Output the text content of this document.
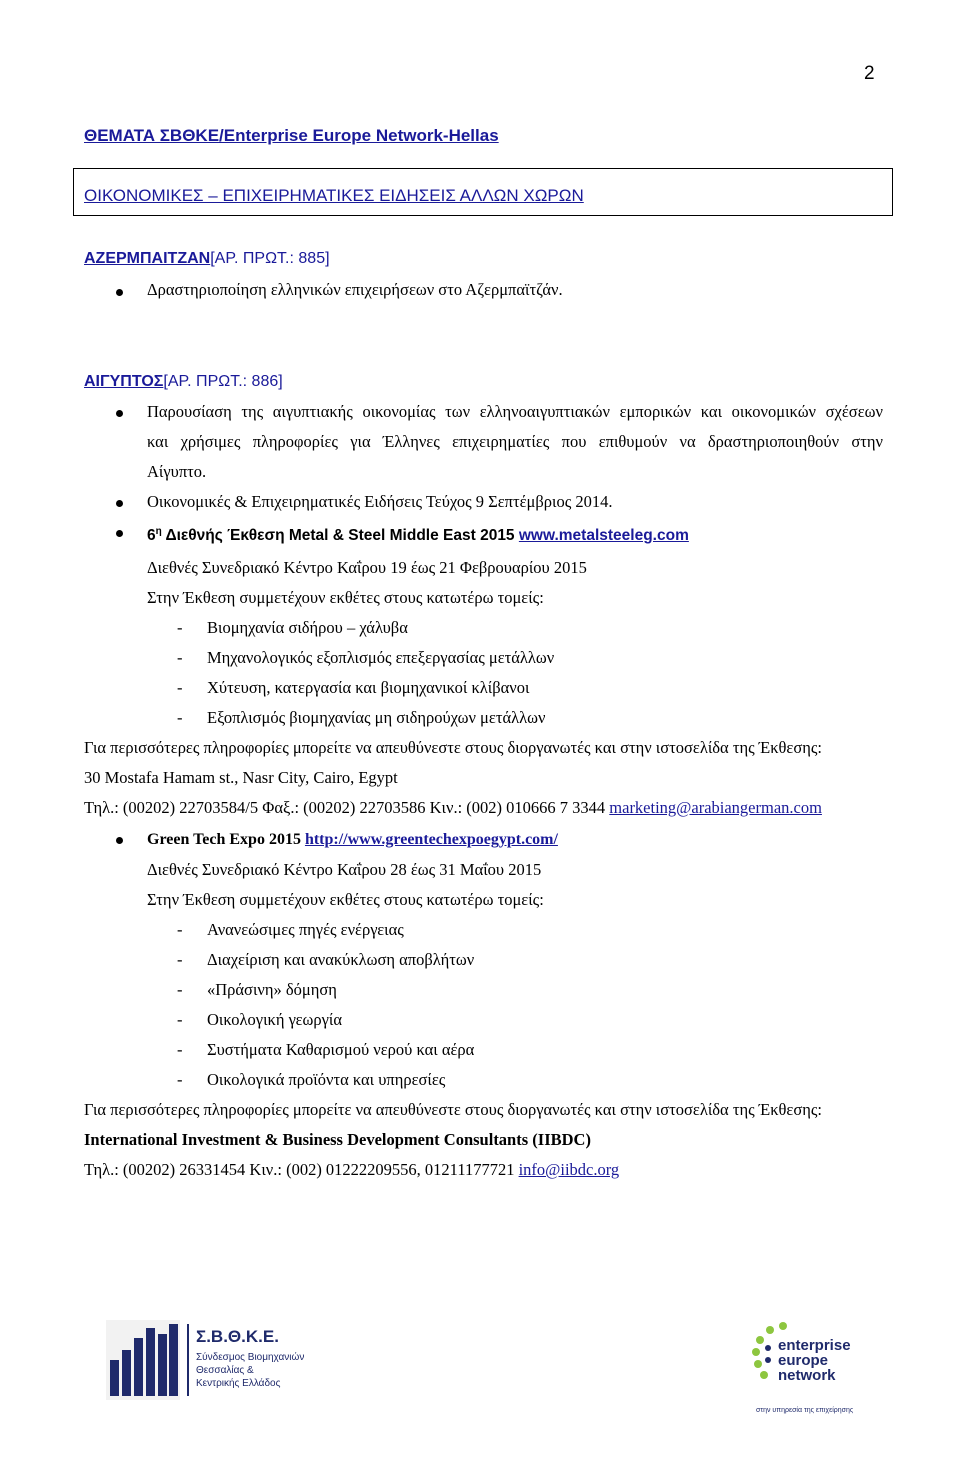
2
ΘΕΜΑΤΑ ΣΒΘΚΕ/Enterprise Europe Network-Hellas
ΟΙΚΟΝΟΜΙΚΕΣ – ΕΠΙΧΕΙΡΗΜΑΤΙΚΕΣ ΕΙΔΗΣΕΙΣ ΑΛΛΩΝ ΧΩΡΩΝ
ΑΖΕΡΜΠΑΙΤΖΑΝ[ΑΡ. ΠΡΩΤ.: 885]
Δραστηριοποίηση ελληνικών επιχειρήσεων στο Αζερμπαϊτζάν.
ΑΙΓΥΠΤΟΣ[ΑΡ. ΠΡΩΤ.: 886]
Παρουσίαση της αιγυπτιακής οικονομίας των ελληνοαιγυπτιακών εμπορικών και οικονομικών σχέσεων
και χρήσιμες πληροφορίες για Έλληνες επιχειρηματίες που επιθυμούν να δραστηριοποιηθούν στην
Αίγυπτο.
Οικονομικές & Επιχειρηματικές Ειδήσεις Τεύχος 9 Σεπτέμβριος 2014.
$6^\eta$ Διεθνής Έκθεση Metal & Steel Middle East 2015 www.metalsteeleg.com
Διεθνές Συνεδριακό Κέντρο Καΐρου 19 έως 21 Φεβρουαρίου 2015
Στην Έκθεση συμμετέχουν εκθέτες στους κατωτέρω τομείς:
- Βιομηχανία σιδήρου – χάλυβα
- Μηχανολογικός εξοπλισμός επεξεργασίας μετάλλων
- Χύτευση, κατεργασία και βιομηχανικοί κλίβανοι
- Εξοπλισμός βιομηχανίας μη σιδηρούχων μετάλλων
Για περισσότερες πληροφορίες μπορείτε να απευθύνεστε στους διοργανωτές και στην ιστοσελίδα της Έκθεσης:
30 Mostafa Hamam st., Nasr City, Cairo, Egypt
Τηλ.: (00202) 22703584/5 Φαξ.: (00202) 22703586 Κιν.: (002) 010666 7 3344 marketing@arabiangerman.com
Green Tech Expo 2015 http://www.greentechexpoegypt.com/
Διεθνές Συνεδριακό Κέντρο Καΐρου 28 έως 31 Μαΐου 2015
Στην Έκθεση συμμετέχουν εκθέτες στους κατωτέρω τομείς:
- Ανανεώσιμες πηγές ενέργειας
- Διαχείριση και ανακύκλωση αποβλήτων
- «Πράσινη» δόμηση
- Οικολογική γεωργία
- Συστήματα Καθαρισμού νερού και αέρα
- Οικολογικά προϊόντα και υπηρεσίες
Για περισσότερες πληροφορίες μπορείτε να απευθύνεστε στους διοργανωτές και στην ιστοσελίδα της Έκθεσης:
International Investment & Business Development Consultants (IIBDC)
Τηλ.: (00202) 26331454 Κιν.: (002) 01222209556, 01211177721 info@iibdc.org
Σ.Β.Θ.Κ.Ε.
Σύνδεσμος Βιομηχανιών
Θεσσαλίας &
Κεντρικής Ελλάδος
enterprise
europe
network
στην υπηρεσία της επιχείρησης
